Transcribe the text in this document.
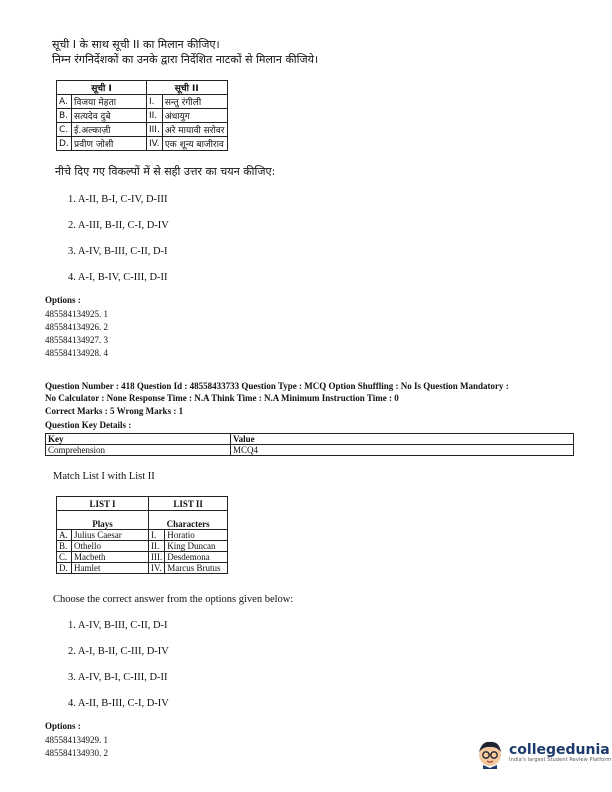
सूची I के साथ सूची II का मिलान कीजिए।
निम्न रंगनिर्देशकों का उनके द्वारा निर्देशित नाटकों से मिलान कीजिये।
सूची I		सूची II	
A.	विजया मेहता	I.	सन्तु रंगीली
B.	सत्यदेव दुबे	II.	अंधायुग
C.	ई.अल्काज़ी	III.	अरे मायावी सरोवर
D.	प्रवीण जोशी	IV.	एक शून्य बाजीराव
नीचे दिए गए विकल्पों में से सही उत्तर का चयन कीजिए:
1. A-II, B-I, C-IV, D-III
2. A-III, B-II, C-I, D-IV
3. A-IV, B-III, C-II, D-I
4. A-I, B-IV, C-III, D-II
Options :
485584134925. 1
485584134926. 2
485584134927. 3
485584134928. 4
Question Number : 418 Question Id : 48558433733 Question Type : MCQ Option Shuffling : No Is Question Mandatory :
No Calculator : None Response Time : N.A Think Time : N.A Minimum Instruction Time : 0
Correct Marks : 5 Wrong Marks : 1
Question Key Details :
Key	Value
Comprehension	MCQ4
Match List I with List II
LIST I		LIST II	
Plays		Characters	
A.	Julius Caesar	I.	Horatio
B.	Othello	II.	King Duncan
C.	Macbeth	III.	Desdemona
D.	Hamlet	IV.	Marcus Brutus
Choose the correct answer from the options given below:
1. A-IV, B-III, C-II, D-I
2. A-I, B-II, C-III, D-IV
3. A-IV, B-I, C-III, D-II
4. A-II, B-III, C-I, D-IV
Options :
485584134929. 1
485584134930. 2	collegedunia
India's largest Student Review Platform
